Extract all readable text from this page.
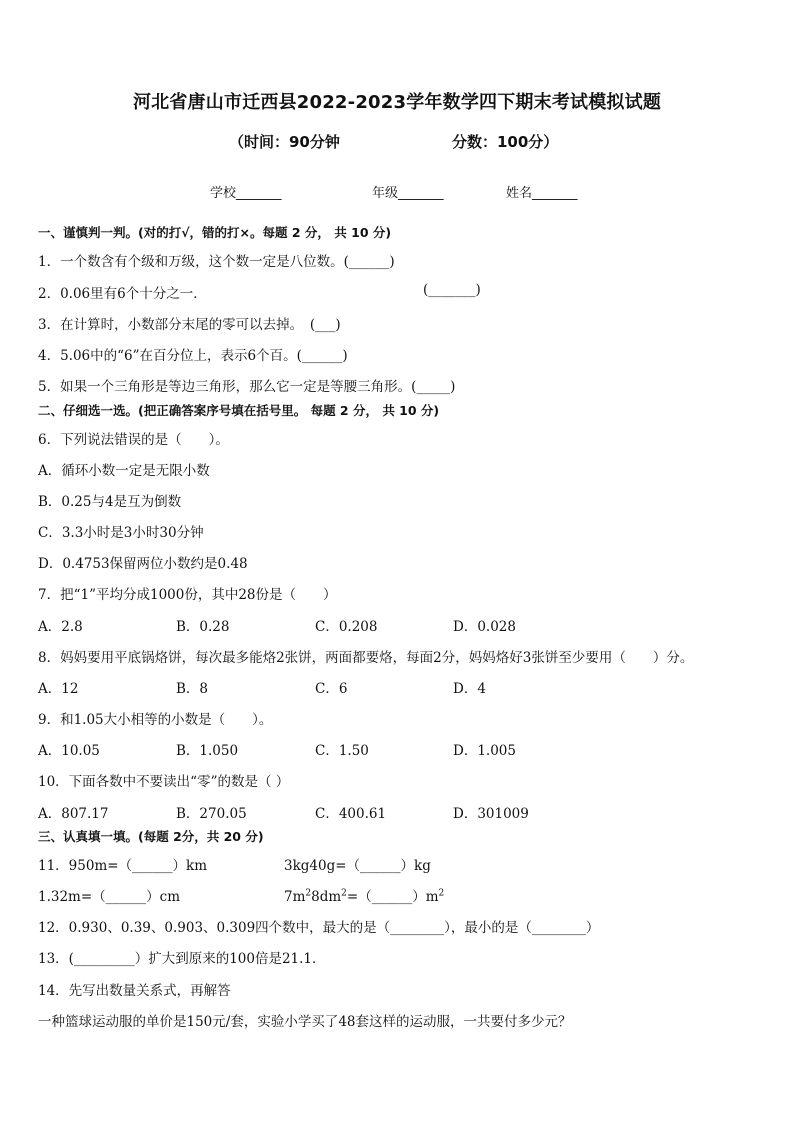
河北省唐山市迁西县2022-2023学年数学四下期末考试模拟试题
（时间：90分钟	分数：100分）
学校_______	年级_______	姓名_______
一、谨慎判一判。(对的打√，错的打×。每题 2 分， 共 10 分)
1．一个数含有个级和万级，这个数一定是八位数。(______)
2．0.06里有6个十分之一．	(_______)
3．在计算时，小数部分末尾的零可以去掉。　(___)
4．5.06中的“6”在百分位上，表示6个百。(______)
5．如果一个三角形是等边三角形，那么它一定是等腰三角形。(_____)
二、仔细选一选。(把正确答案序号填在括号里。 每题 2 分， 共 10 分)
6．下列说法错误的是（　　）。
A．循环小数一定是无限小数
B．0.25与4是互为倒数
C．3.3小时是3小时30分钟
D．0.4753保留两位小数约是0.48
7．把“1”平均分成1000份，其中28份是（　　）
A．2.8	B．0.28	C．0.208	D．0.028
8．妈妈要用平底锅烙饼，每次最多能烙2张饼，两面都要烙，每面2分，妈妈烙好3张饼至少要用（　　）分。
A．12	B．8	C．6	D．4
9．和1.05大小相等的小数是（　　）。
A．10.05	B．1.050	C．1.50	D．1.005
10．下面各数中不要读出“零”的数是（ ）
A．807.17	B．270.05	C．400.61	D．301009
三、认真填一填。(每题 2分，共 20 分)
11．950m=（______）km	3kg40g=（______）kg
1.32m=（______）cm	$7m^28dm^2=(\_\_\_\_\_\_)m^2$
12．0.930、0.39、0.903、0.309四个数中，最大的是（________），最小的是（________）
13．(_________）扩大到原来的100倍是21.1．
14．先写出数量关系式，再解答
一种篮球运动服的单价是150元/套，实验小学买了48套这样的运动服，一共要付多少元？
